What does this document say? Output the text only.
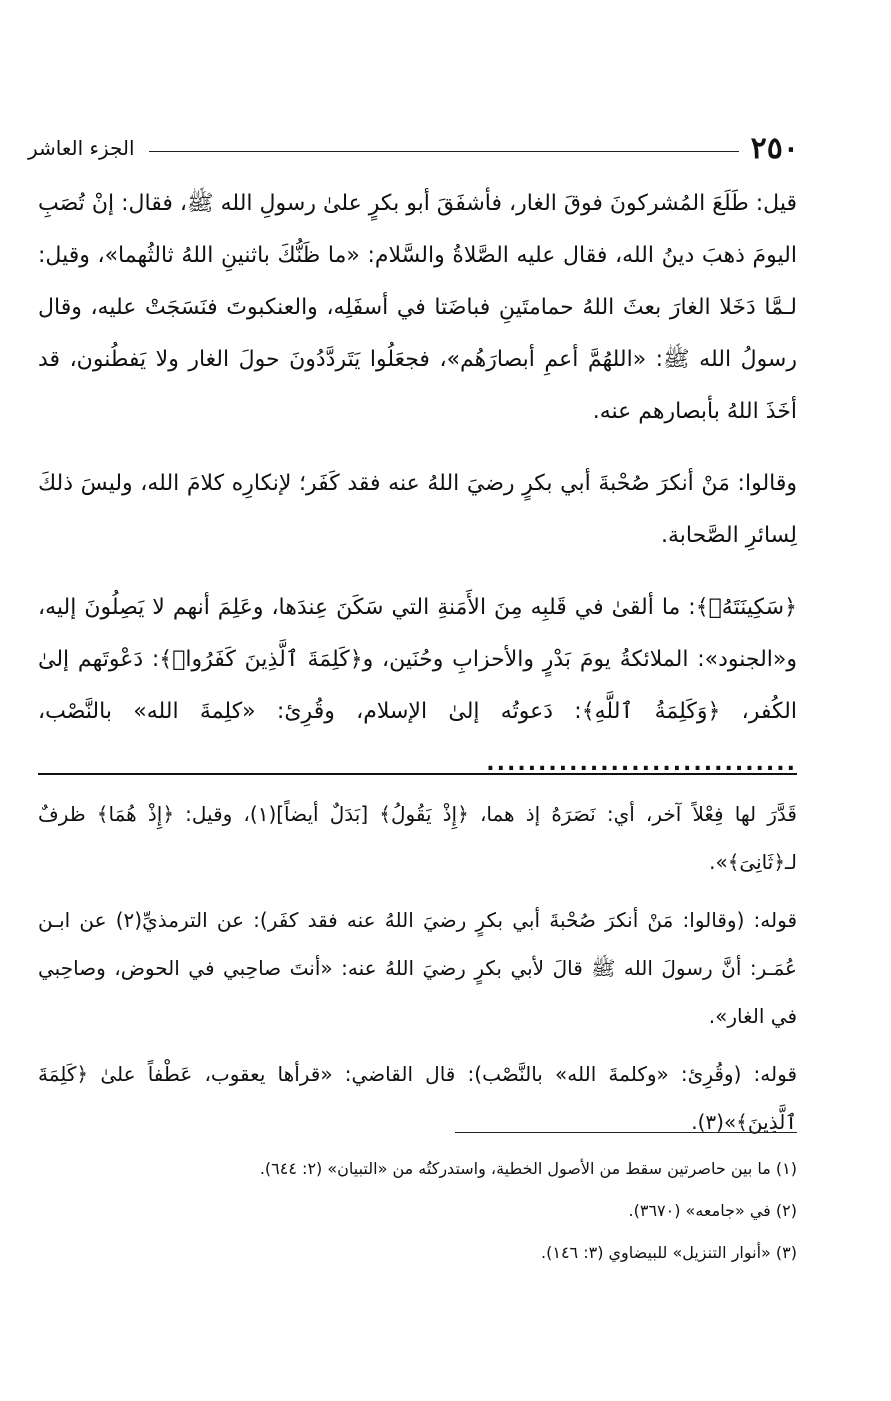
٢٥٠
الجزء العاشر

قيل: طَلَعَ المُشركونَ فوقَ الغار، فأشفَقَ أبو بكرٍ علىٰ رسولِ الله ﷺ، فقال: إنْ تُصَبِ اليومَ ذهبَ دينُ الله، فقال عليه الصَّلاةُ والسَّلام: «ما ظَنُّكَ باثنينِ اللهُ ثالثُهما»، وقيل: لـمَّا دَخَلا الغارَ بعثَ اللهُ حمامتَينِ فباضَتا في أسفَلِه، والعنكبوتَ فنَسَجَتْ عليه، وقال رسولُ الله ﷺ: «اللهُمَّ أعمِ أبصارَهُم»، فجعَلُوا يَتَردَّدُونَ حولَ الغار ولا يَفطُنون، قد أخَذَ اللهُ بأبصارهم عنه.

وقالوا: مَنْ أنكرَ صُحْبةَ أبي بكرٍ رضيَ اللهُ عنه فقد كَفَر؛ لإنكارِه كلامَ الله، وليسَ ذلكَ لِسائرِ الصَّحابة.

﴿سَكِينَتَهُۥ﴾: ما ألقىٰ في قَلبِه مِنَ الأَمَنةِ التي سَكَنَ عِندَها، وعَلِمَ أنهم لا يَصِلُونَ إليه، و«الجنود»: الملائكةُ يومَ بَدْرٍ والأحزابِ وحُنَين، و﴿كَلِمَةَ ٱلَّذِينَ كَفَرُوا۟﴾: دَعْوتَهم إلىٰ الكُفر، ﴿وَكَلِمَةُ ٱللَّهِ﴾: دَعوتُه إلىٰ الإسلام، وقُرِئ: «كلِمةَ الله» بالنَّصْب، ..............................

قَدَّرَ لها فِعْلاً آخر، أي: نَصَرَهُ إذ هما، ﴿إِذْ يَقُولُ﴾ [بَدَلٌ أيضاً](١)، وقيل: ﴿إِذْ هُمَا﴾ ظرفٌ لـ﴿ثَانِىَ﴾».

قوله: (وقالوا: مَنْ أنكرَ صُحْبةَ أبي بكرٍ رضيَ اللهُ عنه فقد كفَر): عن الترمذيِّ(٢) عن ابـن عُمَـر: أنَّ رسولَ الله ﷺ قالَ لأبي بكرٍ رضيَ اللهُ عنه: «أنتَ صاحِبي في الحوض، وصاحِبي في الغار».

قوله: (وقُرِئ: «وكلمةَ الله» بالنَّصْب): قال القاضي: «قرأها يعقوب، عَطْفاً علىٰ ﴿كَلِمَةَ ٱلَّذِينَ﴾»(٣).

(١) ما بين حاصرتين سقط من الأصول الخطية، واستدركتُه من «التبيان» (٢: ٦٤٤).

(٢) في «جامعه» (٣٦٧٠).

(٣) «أنوار التنزيل» للبيضاوي (٣: ١٤٦).
